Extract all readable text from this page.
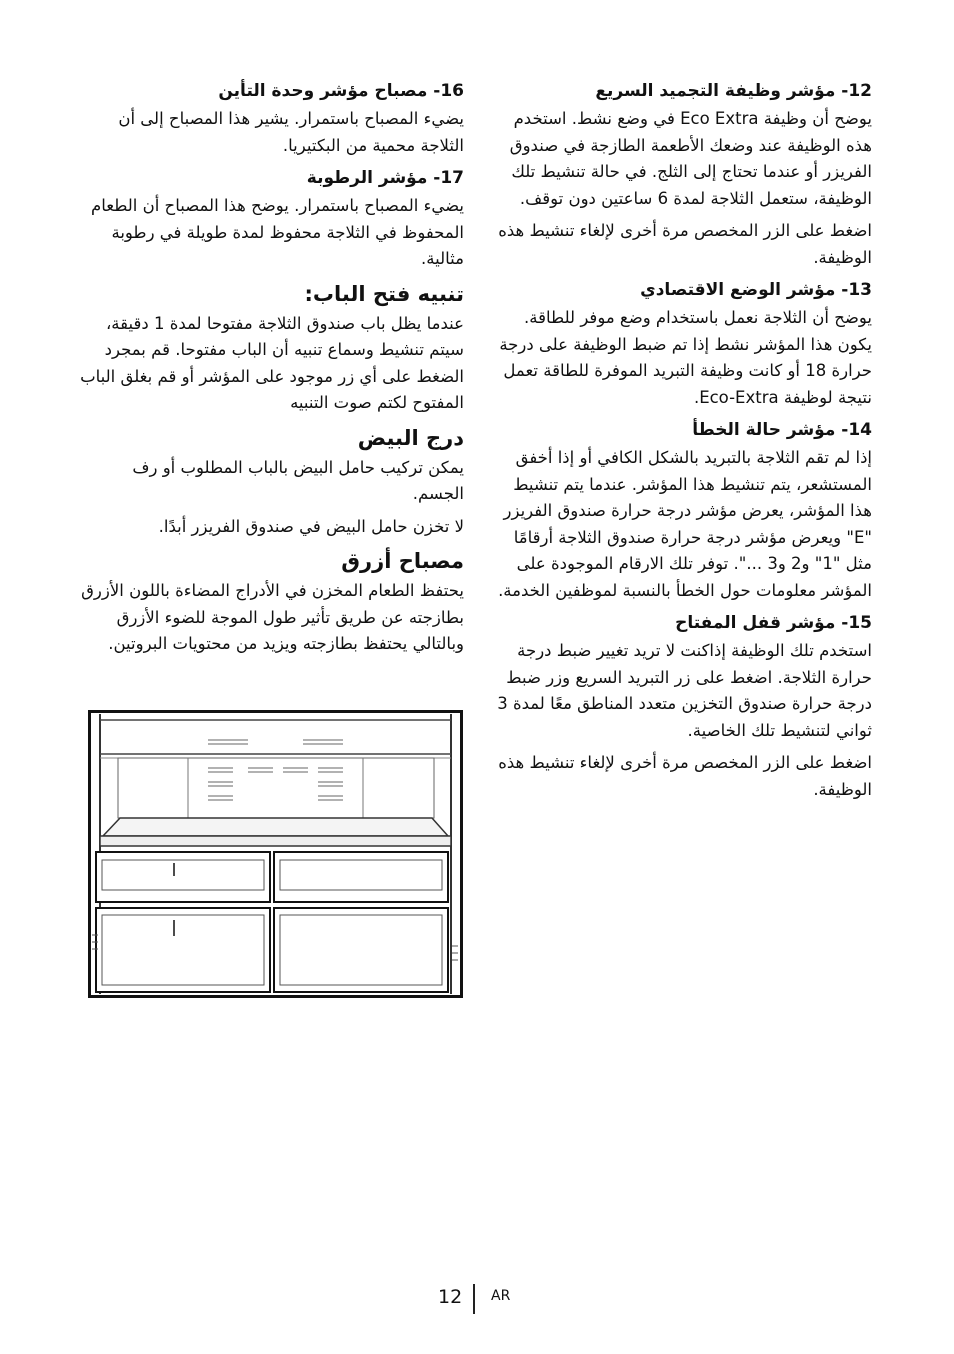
12- مؤشر وظيفة التجميد السريع

يوضح أن وظيفة Eco Extra في وضع نشط. استخدم هذه الوظيفة عند وضعك الأطعمة الطازجة في صندوق الفريزر أو عندما تحتاج إلى الثلج. في حالة تنشيط تلك الوظيفة، ستعمل الثلاجة لمدة 6 ساعتين دون توقف.

اضغط على الزر المخصص مرة أخرى لإلغاء تنشيط هذه الوظيفة.

13- مؤشر الوضع الاقتصادي

يوضح أن الثلاجة نعمل باستخدام وضع موفر للطاقة. يكون هذا المؤشر نشط إذا تم ضبط الوظيفة على درجة حرارة 18 أو كانت وظيفة التبريد الموفرة للطاقة تعمل نتيجة لوظيفة Eco-Extra.

14- مؤشر حالة الخطأ

إذا لم تقم الثلاجة بالتبريد بالشكل الكافي أو إذا أخفق المستشعر، يتم تنشيط هذا المؤشر. عندما يتم تنشيط هذا المؤشر، يعرض مؤشر درجة حرارة صندوق الفريزر "E" ويعرض مؤشر درجة حرارة صندوق الثلاجة أرقامًا مثل "1" و2 و3 ...". توفر تلك الارقام الموجودة على المؤشر معلومات حول الخطأ بالنسبة لموظفين الخدمة.

15- مؤشر قفل المفتاح

استخدم تلك الوظيفة إذاكنت لا تريد تغيير ضبط درجة حرارة الثلاجة. اضغط على زر التبريد السريع وزر ضبط درجة حرارة صندوق التخزين متعدد المناطق معًا لمدة 3 ثواني لتنشيط تلك الخاصية.

اضغط على الزر المخصص مرة أخرى لإلغاء تنشيط هذه الوظيفة.

16- مصباح مؤشر وحدة التأين

يضيء المصباح باستمرار. يشير هذا المصباح إلى أن الثلاجة محمية من البكتيريا.

17- مؤشر الرطوبة

يضيء المصباح باستمرار. يوضح هذا المصباح أن الطعام المحفوظ في الثلاجة محفوظ لمدة طويلة في رطوبة مثالية.

تنبيه فتح الباب:

عندما يظل باب صندوق الثلاجة مفتوحا لمدة 1 دقيقة، سيتم تنشيط وسماع تنبيه أن الباب مفتوحا. قم بمجرد الضغط على أي زر موجود على المؤشر أو قم بغلق الباب المفتوح لكتم صوت التنبيه

درج البيض

يمكن تركيب حامل البيض بالباب المطلوب أو رف الجسم.

لا تخزن حامل البيض في صندوق الفريزر أبدًا.

مصباح أزرق

يحتفظ الطعام المخزن في الأدراج المضاءة باللون الأزرق بطازجته عن طريق تأثير طول الموجة للضوء الأزرق وبالتالي يحتفظ بطازجته ويزيد من محتويات البروتين.

12 AR
